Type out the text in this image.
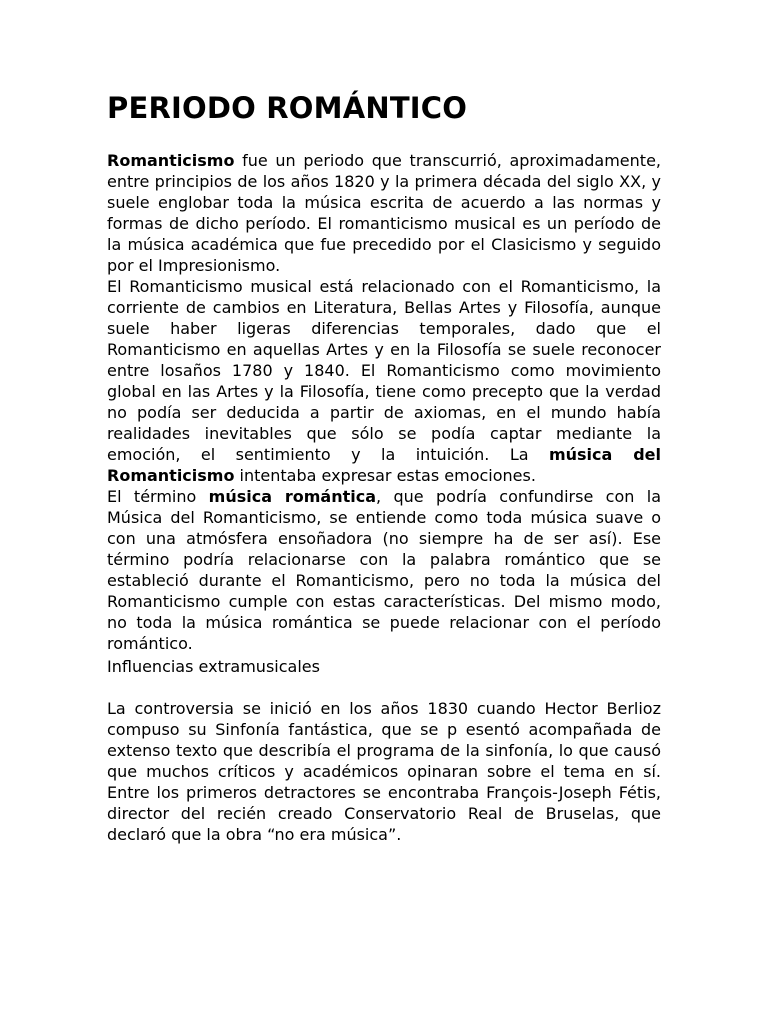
PERIODO ROMÁNTICO

Romanticismo fue un periodo que transcurrió, aproximadamente, entre principios de los años 1820 y la primera década del siglo XX, y suele englobar toda la música escrita de acuerdo a las normas y formas de dicho período. El romanticismo musical es un período de la música académica que fue precedido por el Clasicismo y seguido por el Impresionismo.

El Romanticismo musical está relacionado con el Romanticismo, la corriente de cambios en Literatura, Bellas Artes y Filosofía, aunque suele haber ligeras diferencias temporales, dado que el Romanticismo en aquellas Artes y en la Filosofía se suele reconocer entre losaños 1780 y 1840. El Romanticismo como movimiento global en las Artes y la Filosofía, tiene como precepto que la verdad no podía ser deducida a partir de axiomas, en el mundo había realidades inevitables que sólo se podía captar mediante la emoción, el sentimiento y la intuición. La música del Romanticismo intentaba expresar estas emociones.

El término música romántica, que podría confundirse con la Música del Romanticismo, se entiende como toda música suave o con una atmósfera ensoñadora (no siempre ha de ser así). Ese término podría relacionarse con la palabra romántico que se estableció durante el Romanticismo, pero no toda la música del Romanticismo cumple con estas características. Del mismo modo, no toda la música romántica se puede relacionar con el período romántico.

Influencias extramusicales

La controversia se inició en los años 1830 cuando Hector Berlioz compuso su Sinfonía fantástica, que se p esentó acompañada de extenso texto que describía el programa de la sinfonía, lo que causó que muchos críticos y académicos opinaran sobre el tema en sí. Entre los primeros detractores se encontraba François-Joseph Fétis, director del recién creado Conservatorio Real de Bruselas, que declaró que la obra “no era música”.
